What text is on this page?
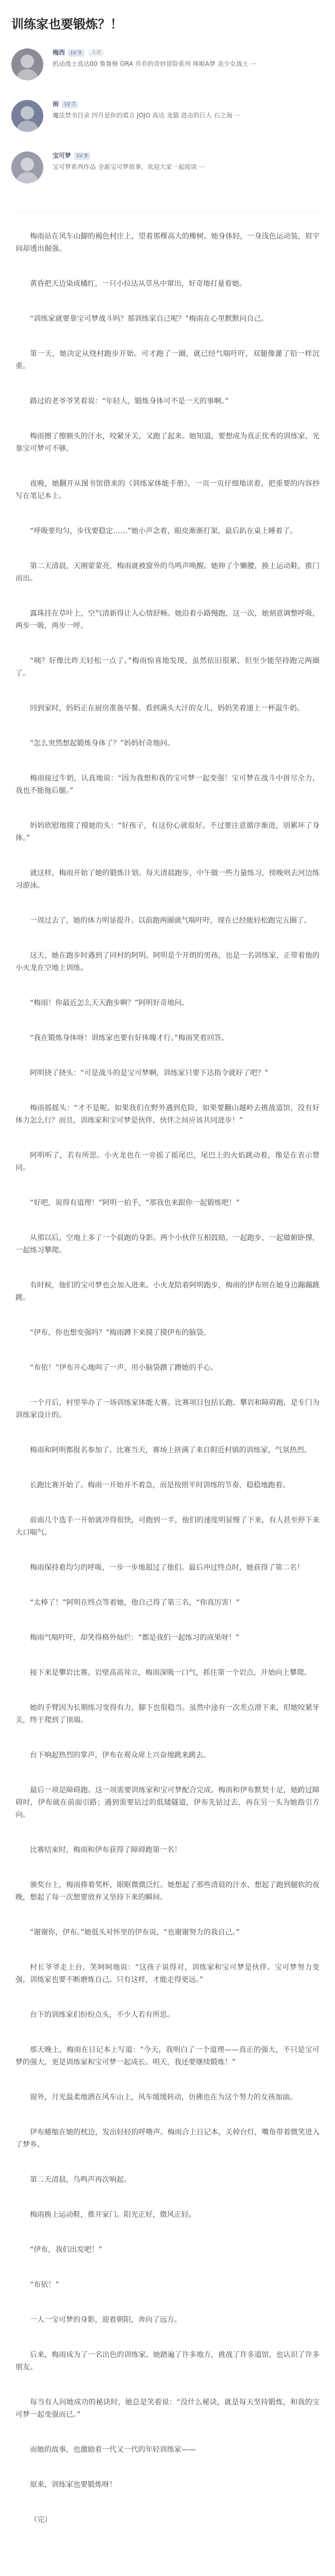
训练家也要锻炼？！
梅西	LV 9	大佬

机动战士高达00 鲁鲁修 ORA 乔乔的奇妙冒险系列 哆啦A梦 美少女战士 ···

雨	LV 7

魔法禁书目录 四月是你的谎言 JOJO 高达 龙猫 进击的巨人 石之海 ···

宝可梦	LV 8

宝可梦系列作品 全新宝可梦故事，欢迎大家一起阅读 ···

梅雨站在风车山脚的褐色村庄上，望着那棵高大的橡树。她身体轻，一身浅色运动装，眉宇间却透出倔强。

黄昏把天边染成橘红，一只小拉达从草丛中窜出，好奇地打量着她。

“训练家就要靠宝可梦战斗吗？那训练家自己呢？”梅雨在心里默默问自己。

第一天，她决定从绕村跑步开始。可才跑了一圈，就已经气喘吁吁，双腿像灌了铅一样沉重。

路过的老爷爷笑着说：“年轻人，锻炼身体可不是一天的事啊。”

梅雨擦了擦额头的汗水，咬紧牙关，又跑了起来。她知道，要想成为真正优秀的训练家，光靠宝可梦可不够。

夜晚，她翻开从图书馆借来的《训练家体能手册》，一页一页仔细地读着，把重要的内容抄写在笔记本上。

“呼吸要均匀，步伐要稳定……”她小声念着，眼皮渐渐打架，最后趴在桌上睡着了。

第二天清晨，天刚蒙蒙亮，梅雨就被窗外的鸟鸣声唤醒。她伸了个懒腰，换上运动鞋，推门而出。

露珠挂在草叶上，空气清新得让人心情舒畅。她沿着小路慢跑，这一次，她刻意调整呼吸，两步一吸，两步一呼。

“咦？好像比昨天轻松一点了。”梅雨惊喜地发现，虽然依旧很累，但至少能坚持跑完两圈了。

回到家时，妈妈正在厨房准备早餐。看到满头大汗的女儿，妈妈笑着递上一杯温牛奶。

“怎么突然想起锻炼身体了？”妈妈好奇地问。

梅雨接过牛奶，认真地说：“因为我想和我的宝可梦一起变强！宝可梦在战斗中拼尽全力，我也不能拖后腿。”

妈妈欣慰地摸了摸她的头：“好孩子，有这份心就很好。不过要注意循序渐进，别累坏了身体。”

就这样，梅雨开始了她的锻炼计划。每天清晨跑步，中午做一些力量练习，傍晚则去河边练习游泳。

一周过去了，她的体力明显提升。以前跑两圈就气喘吁吁，现在已经能轻松跑完五圈了。

这天，她在跑步时遇到了同村的阿明。阿明是个开朗的男孩，也是一名训练家，正带着他的小火龙在空地上训练。

“梅雨！你最近怎么天天跑步啊？”阿明好奇地问。

“我在锻炼身体呀！训练家也要有好体魄才行。”梅雨笑着回答。

阿明挠了挠头：“可是战斗的是宝可梦啊，训练家只要下达指令就好了吧？”

梅雨摇摇头：“才不是呢。如果我们在野外遇到危险，如果要翻山越岭去挑战道馆，没有好体力怎么行？而且，训练家和宝可梦是伙伴，伙伴之间应该共同进步！”

阿明听了，若有所思。小火龙也在一旁摇了摇尾巴，尾巴上的火焰跳动着，像是在表示赞同。

“好吧，说得有道理！”阿明一拍手，“那我也来跟你一起锻炼吧！”

从那以后，空地上多了一个晨跑的身影。两个小伙伴互相鼓励，一起跑步，一起做俯卧撑，一起练习攀爬。

有时候，他们的宝可梦也会加入进来。小火龙陪着阿明跑步，梅雨的伊布则在她身边蹦蹦跳跳。

“伊布，你也想变强吗？”梅雨蹲下来摸了摸伊布的脑袋。

“布依！”伊布开心地叫了一声，用小脑袋蹭了蹭她的手心。

一个月后，村里举办了一场训练家体能大赛。比赛项目包括长跑、攀岩和障碍跑，是专门为训练家设计的。

梅雨和阿明都报名参加了。比赛当天，赛场上挤满了来自附近村镇的训练家，气氛热烈。

长跑比赛开始了。梅雨一开始并不着急，而是按照平时训练的节奏，稳稳地跑着。

前面几个选手一开始就冲得很快，可跑到一半，他们的速度明显慢了下来，有人甚至停下来大口喘气。

梅雨保持着均匀的呼吸，一步一步地超过了他们。最后冲过终点时，她获得了第二名！

“太棒了！”阿明在终点等着她，他自己得了第三名，“你真厉害！”

梅雨气喘吁吁，却笑得格外灿烂：“都是我们一起练习的成果呀！”

接下来是攀岩比赛。岩壁高高耸立，梅雨深吸一口气，抓住第一个岩点，开始向上攀爬。

她的手臂因为长期练习变得有力，脚下也很稳当。虽然中途有一次差点滑下来，但她咬紧牙关，终于爬到了顶端。

台下响起热烈的掌声，伊布在观众席上兴奋地跳来跳去。

最后一项是障碍跑。这一项需要训练家和宝可梦配合完成。梅雨和伊布默契十足，她跨过障碍时，伊布就在前面引路；遇到需要钻过的低矮隧道，伊布先钻过去，再在另一头为她指引方向。

比赛结束时，梅雨和伊布获得了障碍跑第一名！

颁奖台上，梅雨捧着奖杯，眼眶微微泛红。她想起了那些清晨的汗水，想起了跑到腿软的夜晚，想起了每一次想要放弃又坚持下来的瞬间。

“谢谢你，伊布。”她低头对怀里的伊布说，“也谢谢努力的我自己。”

村长爷爷走上台，笑呵呵地说：“这孩子说得对，训练家和宝可梦是伙伴。宝可梦努力变强，训练家也要不断磨炼自己。只有这样，才能走得更远。”

台下的训练家们纷纷点头，不少人若有所思。

那天晚上，梅雨在日记本上写道：“今天，我明白了一个道理——真正的强大，不只是宝可梦的强大，更是训练家和宝可梦一起成长。明天，我还要继续锻炼！”

窗外，月光温柔地洒在风车山上，风车缓缓转动，仿佛也在为这个努力的女孩加油。

伊布蜷缩在她的枕边，发出轻轻的呼噜声。梅雨合上日记本，关掉台灯，嘴角带着微笑进入了梦乡。

第二天清晨，鸟鸣声再次响起。

梅雨换上运动鞋，推开家门。阳光正好，微风正轻。

“伊布，我们出发吧！”

“布依！”

一人一宝可梦的身影，迎着朝阳，奔向了远方。

后来，梅雨成为了一名出色的训练家。她踏遍了许多地方，挑战了许多道馆，也认识了许多朋友。

每当有人问她成功的秘诀时，她总是笑着说：“没什么秘诀，就是每天坚持锻炼，和我的宝可梦一起变强而已。”

而她的故事，也激励着一代又一代的年轻训练家——

原来，训练家也要锻炼呀！

（完）
